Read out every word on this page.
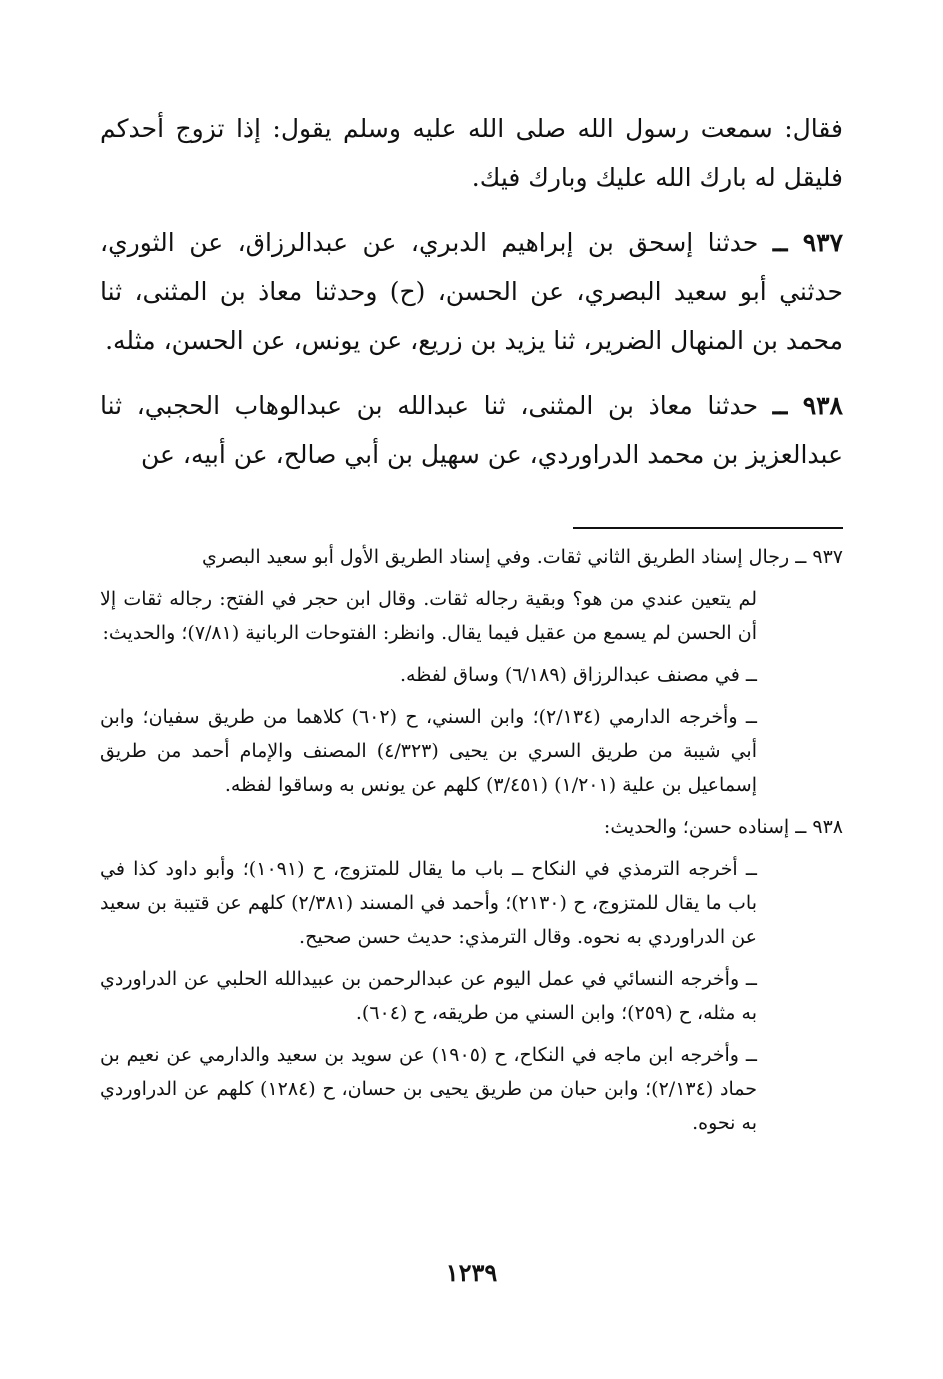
فقال: سمعت رسول الله صلى الله عليه وسلم يقول: إذا تزوج أحدكم فليقل له بارك الله عليك وبارك فيك.

٩٣٧ ــ حدثنا إسحق بن إبراهيم الدبري، عن عبدالرزاق، عن الثوري، حدثني أبو سعيد البصري، عن الحسن، (ح) وحدثنا معاذ بن المثنى، ثنا محمد بن المنهال الضرير، ثنا يزيد بن زريع، عن يونس، عن الحسن، مثله.

٩٣٨ ــ حدثنا معاذ بن المثنى، ثنا عبدالله بن عبدالوهاب الحجبي، ثنا عبدالعزيز بن محمد الدراوردي، عن سهيل بن أبي صالح، عن أبيه، عن

٩٣٧ ــ رجال إسناد الطريق الثاني ثقات. وفي إسناد الطريق الأول أبو سعيد البصري

لم يتعين عندي من هو؟ وبقية رجاله ثقات. وقال ابن حجر في الفتح: رجاله ثقات إلا أن الحسن لم يسمع من عقيل فيما يقال. وانظر: الفتوحات الربانية (٧/٨١)؛ والحديث:

ــ في مصنف عبدالرزاق (٦/١٨٩) وساق لفظه.

ــ وأخرجه الدارمي (٢/١٣٤)؛ وابن السني، ح (٦٠٢) كلاهما من طريق سفيان؛ وابن أبي شيبة من طريق السري بن يحيى (٤/٣٢٣) المصنف والإمام أحمد من طريق إسماعيل بن علية (١/٢٠١) (٣/٤٥١) كلهم عن يونس به وساقوا لفظه.

٩٣٨ ــ إسناده حسن؛ والحديث:

ــ أخرجه الترمذي في النكاح ــ باب ما يقال للمتزوج، ح (١٠٩١)؛ وأبو داود كذا في باب ما يقال للمتزوج، ح (٢١٣٠)؛ وأحمد في المسند (٢/٣٨١) كلهم عن قتيبة بن سعيد عن الدراوردي به نحوه. وقال الترمذي: حديث حسن صحيح.

ــ وأخرجه النسائي في عمل اليوم عن عبدالرحمن بن عبيدالله الحلبي عن الدراوردي به مثله، ح (٢٥٩)؛ وابن السني من طريقه، ح (٦٠٤).

ــ وأخرجه ابن ماجه في النكاح، ح (١٩٠٥) عن سويد بن سعيد والدارمي عن نعيم بن حماد (٢/١٣٤)؛ وابن حبان من طريق يحيى بن حسان، ح (١٢٨٤) كلهم عن الدراوردي به نحوه.

١٢٣٩
